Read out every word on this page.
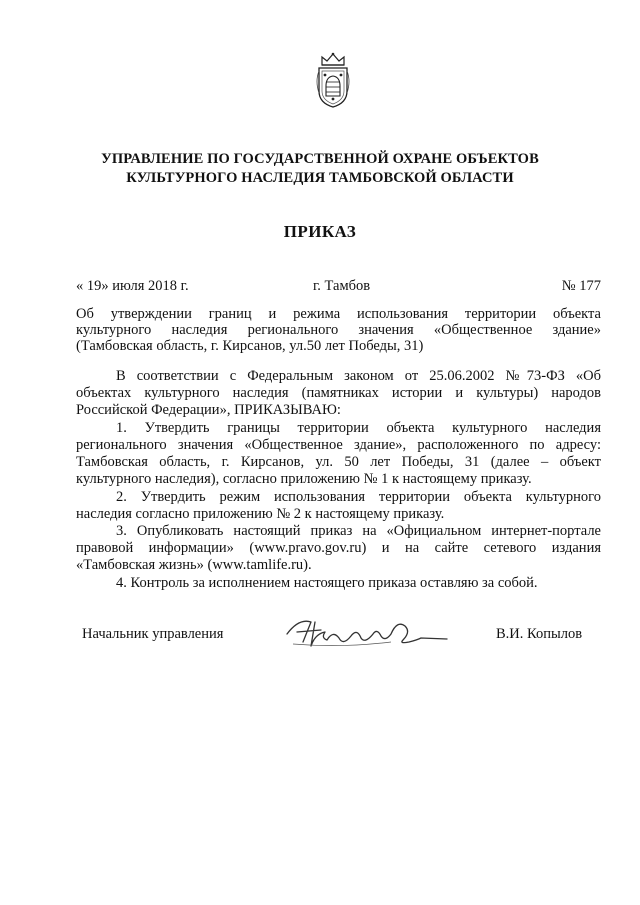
УПРАВЛЕНИЕ ПО ГОСУДАРСТВЕННОЙ ОХРАНЕ ОБЪЕКТОВ
КУЛЬТУРНОГО НАСЛЕДИЯ ТАМБОВСКОЙ ОБЛАСТИ
ПРИКАЗ
« 19» июля 2018 г.	г. Тамбов	№ 177
Об утверждении границ и режима использования территории объекта
культурного наследия регионального значения «Общественное здание»
(Тамбовская область, г. Кирсанов, ул.50 лет Победы, 31)
В соответствии с Федеральным законом от 25.06.2002 №73-ФЗ «Об
объектах культурного наследия (памятниках истории и культуры) народов
Российской Федерации», ПРИКАЗЫВАЮ:
1. Утвердить границы территории объекта культурного наследия
регионального значения «Общественное здание», расположенного по адресу:
Тамбовская область, г. Кирсанов, ул. 50 лет Победы, 31 (далее – объект
культурного наследия), согласно приложению № 1 к настоящему приказу.
2. Утвердить режим использования территории объекта культурного
наследия согласно приложению № 2 к настоящему приказу.
3. Опубликовать настоящий приказ на «Официальном интернет-портале
правовой информации» (www.pravo.gov.ru) и на сайте сетевого издания
«Тамбовская жизнь» (www.tamlife.ru).
4. Контроль за исполнением настоящего приказа оставляю за собой.
Начальник управления	В.И. Копылов
